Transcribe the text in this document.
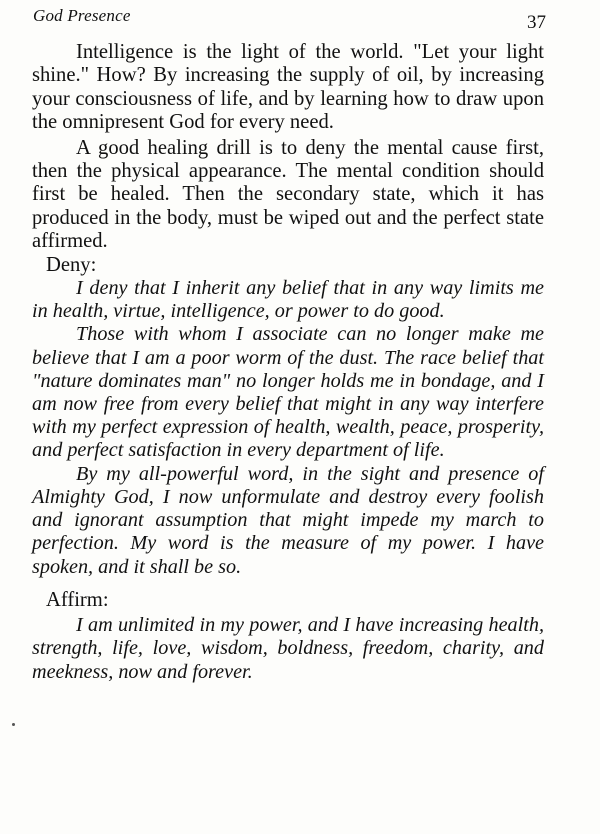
God Presence	37

Intelligence is the light of the world. "Let your light shine." How? By increasing the supply of oil, by increasing your consciousness of life, and by learning how to draw upon the omnipresent God for every need.

A good healing drill is to deny the mental cause first, then the physical appearance. The mental condition should first be healed. Then the secondary state, which it has produced in the body, must be wiped out and the perfect state affirmed.

Deny:

I deny that I inherit any belief that in any way limits me in health, virtue, intelligence, or power to do good.

Those with whom I associate can no longer make me believe that I am a poor worm of the dust. The race belief that "nature dominates man" no longer holds me in bondage, and I am now free from every belief that might in any way interfere with my perfect expression of health, wealth, peace, prosperity, and perfect satisfaction in every department of life.

By my all-powerful word, in the sight and presence of Almighty God, I now unformulate and destroy every foolish and ignorant assumption that might impede my march to perfection. My word is the measure of my power. I have spoken, and it shall be so.

Affirm:

I am unlimited in my power, and I have increasing health, strength, life, love, wisdom, boldness, freedom, charity, and meekness, now and forever.
